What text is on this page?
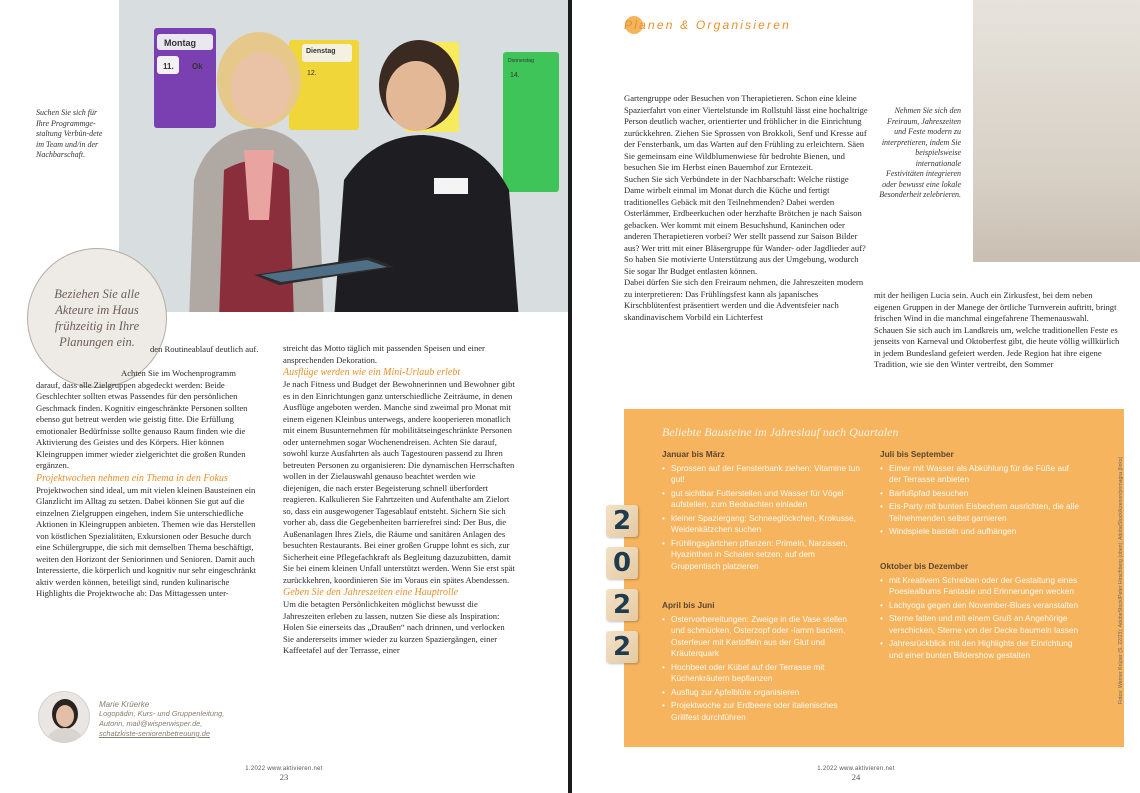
Montag
11. Ok
Dienstag
12.
Donnerstag
14.
Suchen Sie sich für Ihre Programmge-staltung Verbün-dete im Team und/in der Nachbarschaft.
Beziehen Sie alle Akteure im Haus frühzeitig in Ihre Planungen ein.	den Routineablauf deutlich auf.

Achten Sie im Wochenprogramm darauf, dass alle Zielgruppen abgedeckt werden: Beide Geschlechter sollten etwas Passendes für den persönlichen Geschmack finden. Kognitiv eingeschränkte Personen sollten ebenso gut betreut werden wie geistig fitte. Die Erfüllung emotionaler Bedürfnisse sollte genauso Raum finden wie die Aktivierung des Geistes und des Körpers. Hier können Kleingruppen immer wieder zielgerichtet die großen Runden ergänzen.

Projektwochen nehmen ein Thema in den Fokus

Projektwochen sind ideal, um mit vielen kleinen Bausteinen ein Glanzlicht im Alltag zu setzen. Dabei können Sie gut auf die einzelnen Zielgruppen eingehen, indem Sie unterschiedliche Aktionen in Kleingruppen anbieten. Themen wie das Herstellen von köstlichen Spezialitäten, Exkursionen oder Besuche durch eine Schülergruppe, die sich mit demselben Thema beschäftigt, weiten den Horizont der Seniorinnen und Senioren. Damit auch Interessierte, die körperlich und kognitiv nur sehr eingeschränkt aktiv werden können, beteiligt sind, runden kulinarische Highlights die Projektwoche ab: Das Mittagessen unter-

streicht das Motto täglich mit passenden Speisen und einer ansprechenden Dekoration.

Ausflüge werden wie ein Mini-Urlaub erlebt

Je nach Fitness und Budget der Bewohnerinnen und Bewohner gibt es in den Einrichtungen ganz unterschiedliche Zeiträume, in denen Ausflüge angeboten werden. Manche sind zweimal pro Monat mit einem eigenen Kleinbus unterwegs, andere kooperieren monatlich mit einem Busunternehmen für mobilitätseingeschränkte Personen oder unternehmen sogar Wochenendreisen. Achten Sie darauf, sowohl kurze Ausfahrten als auch Tagestouren passend zu Ihren betreuten Personen zu organisieren: Die dynamischen Herrschaften wollen in der Zielauswahl genauso beachtet werden wie diejenigen, die nach erster Begeisterung schnell überfordert reagieren. Kalkulieren Sie Fahrtzeiten und Aufenthalte am Zielort so, dass ein ausgewogener Tagesablauf entsteht. Sichern Sie sich vorher ab, dass die Gegebenheiten barrierefrei sind: Der Bus, die Außenanlagen Ihres Ziels, die Räume und sanitären Anlagen des besuchten Restaurants. Bei einer großen Gruppe lohnt es sich, zur Sicherheit eine Pflegefachkraft als Begleitung dazuzubitten, damit Sie bei einem kleinen Unfall unterstützt werden. Wenn Sie erst spät zurückkehren, koordinieren Sie im Voraus ein spätes Abendessen.

Geben Sie den Jahreszeiten eine Hauptrolle

Um die betagten Persönlichkeiten möglichst bewusst die Jahreszeiten erleben zu lassen, nutzen Sie diese als Inspiration: Holen Sie einerseits das „Draußen“ nach drinnen, und verlocken Sie andererseits immer wieder zu kurzen Spaziergängen, einer Kaffeetafel auf der Terrasse, einer

Marie Krüerke
Logopädin, Kurs- und Gruppenleitung,
Autorin, mail@wisperwisper.de,
schatzkiste-seniorenbetreuung.de
1.2022 www.aktivieren.net
23
Planen & Organisieren

Gartengruppe oder Besuchen von Therapietieren. Schon eine kleine Spazierfahrt von einer Viertelstunde im Rollstuhl lässt eine hochaltrige Person deutlich wacher, orientierter und fröhlicher in die Einrichtung zurückkehren. Ziehen Sie Sprossen von Brokkoli, Senf und Kresse auf der Fensterbank, um das Warten auf den Frühling zu erleichtern. Säen Sie gemeinsam eine Wildblumenwiese für bedrohte Bienen, und besuchen Sie im Herbst einen Bauernhof zur Erntezeit.

Suchen Sie sich Verbündete in der Nachbarschaft: Welche rüstige Dame wirbelt einmal im Monat durch die Küche und fertigt traditionelles Gebäck mit den Teilnehmenden? Dabei werden Osterlämmer, Erdbeerkuchen oder herzhafte Brötchen je nach Saison gebacken. Wer kommt mit einem Besuchshund, Kaninchen oder anderen Therapietieren vorbei? Wer stellt passend zur Saison Bilder aus? Wer tritt mit einer Bläsergruppe für Wander- oder Jagdlieder auf? So haben Sie motivierte Unterstützung aus der Umgebung, wodurch Sie sogar Ihr Budget entlasten können.

Dabei dürfen Sie sich den Freiraum nehmen, die Jahreszeiten modern zu interpretieren: Das Frühlingsfest kann als japanisches Kirschblütenfest präsentiert werden und die Adventsfeier nach skandinavischem Vorbild ein Lichterfest

Nehmen Sie sich den Freiraum, Jahreszeiten und Feste modern zu interpretieren, indem Sie beispielsweise internationale Festivitäten integrieren oder bewusst eine lokale Besonderheit zelebrieren.

mit der heiligen Lucia sein. Auch ein Zirkusfest, bei dem neben eigenen Gruppen in der Manege der örtliche Turnverein auftritt, bringt frischen Wind in die manchmal eingefahrene Themenauswahl. Schauen Sie sich auch im Landkreis um, welche traditionellen Feste es jenseits von Karneval und Oktoberfest gibt, die heute völlig willkürlich in jedem Bundesland gefeiert werden. Jede Region hat ihre eigene Tradition, wie sie den Winter vertreibt, den Sommer

Beliebte Bausteine im Jahreslauf nach Quartalen
2
0
2
2
Januar bis März
• Sprossen auf der Fensterbank ziehen: Vitamine tun gut!
• gut sichtbar Futterstellen und Wasser für Vögel aufstellen, zum Beobachten einladen
• kleiner Spaziergang: Schneeglöckchen, Krokusse, Weidenkätzchen suchen
• Frühlingsgärtchen pflanzen: Primeln, Narzissen, Hyazinthen in Schalen setzen, auf dem Gruppentisch platzieren
April bis Juni
• Ostervorbereitungen: Zweige in die Vase stellen und schmücken, Osterzopf oder -lamm backen, Osterfeuer mit Kartoffeln aus der Glut und Kräuterquark
• Hochbeet oder Kübel auf der Terrasse mit Küchenkräutern bepflanzen
• Ausflug zur Apfelblüte organisieren
• Projektwoche zur Erdbeere oder italienisches Grillfest durchführen
Juli bis September
• Eimer mit Wasser als Abkühlung für die Füße auf der Terrasse anbieten
• Barfußpfad besuchen
• Eis-Party mit bunten Eisbechern ausrichten, die alle Teilnehmenden selbst garnieren
• Windspiele basteln und aufhängen
Oktober bis Dezember
• mit Kreativem Schreiben oder der Gestaltung eines Poesiealbums Fantasie und Erinnerungen wecken
• Lachyoga gegen den November-Blues veranstalten
• Sterne falten und mit einem Gruß an Angehörige verschicken, Sterne von der Decke baumeln lassen
• Jahresrückblick mit den Highlights der Einrichtung und einer bunten Bildershow gestalten	Fotos: Werner Krüper (S. 22/23); AdobeStock/Peter Hirschberg (oben); AdobeStock/kzenon/primagra (links)
1.2022 www.aktivieren.net
24
